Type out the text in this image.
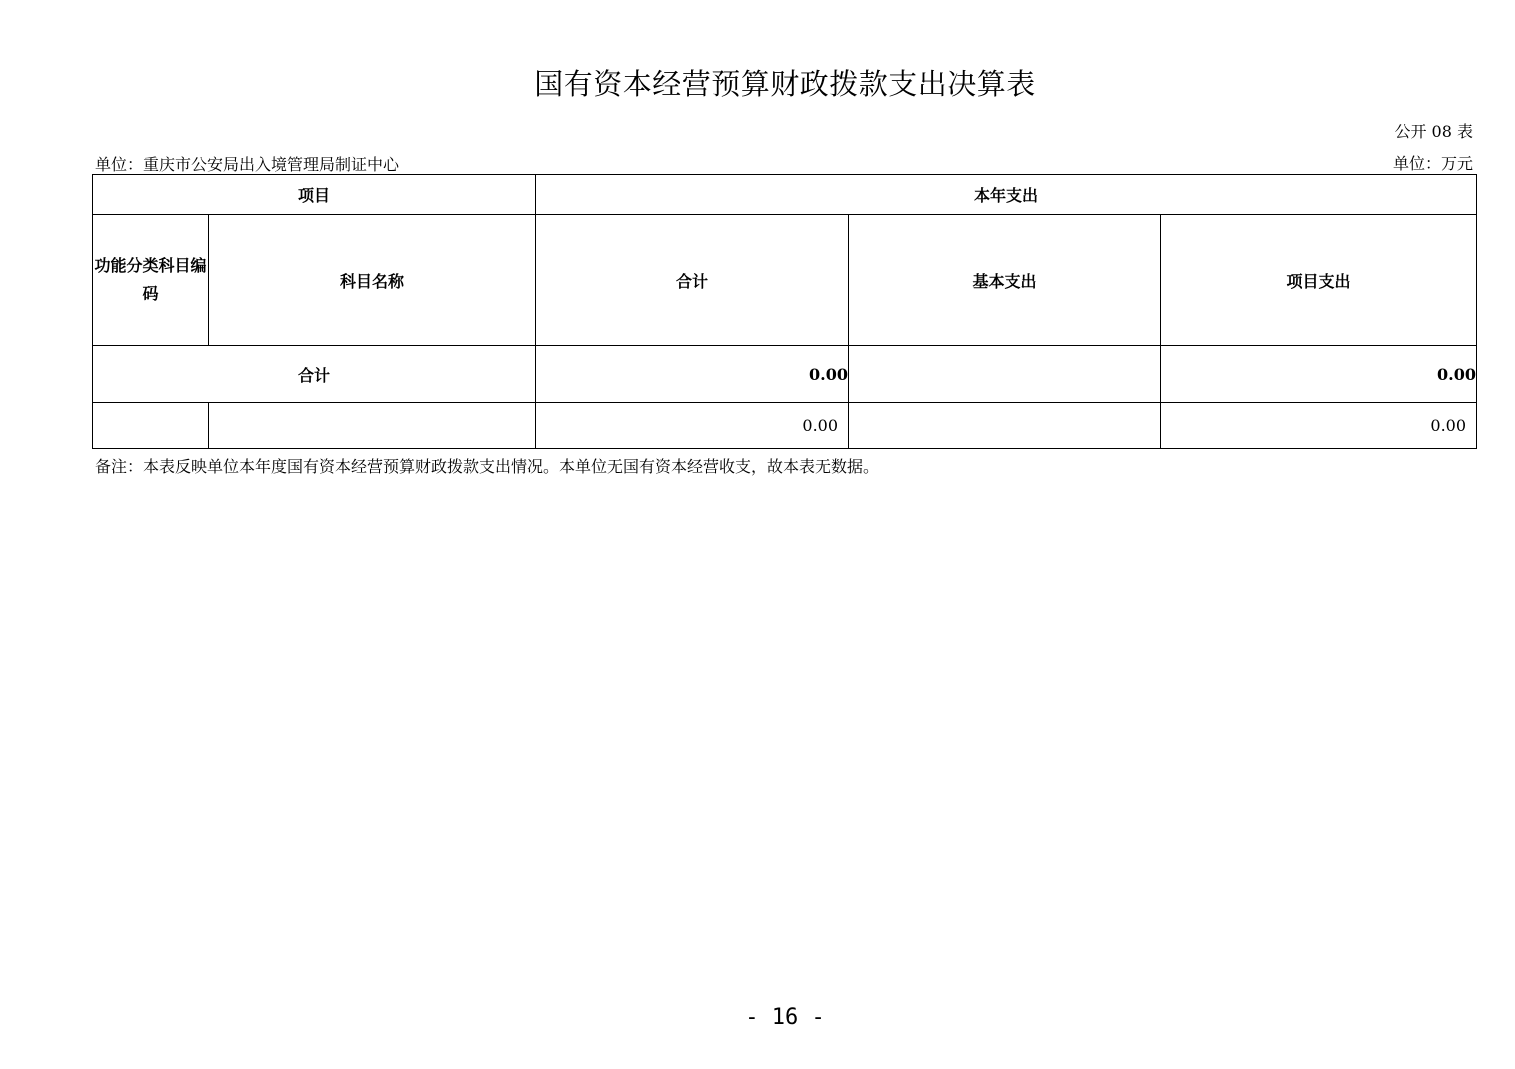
国有资本经营预算财政拨款支出决算表
公开 08 表
单位：重庆市公安局出入境管理局制证中心	单位：万元
项目		本年支出		
功能分类科目编码	科目名称	合计	基本支出	项目支出
合计		0.00		0.00
		0.00		0.00
备注：本表反映单位本年度国有资本经营预算财政拨款支出情况。本单位无国有资本经营收支，故本表无数据。
- 16 -
